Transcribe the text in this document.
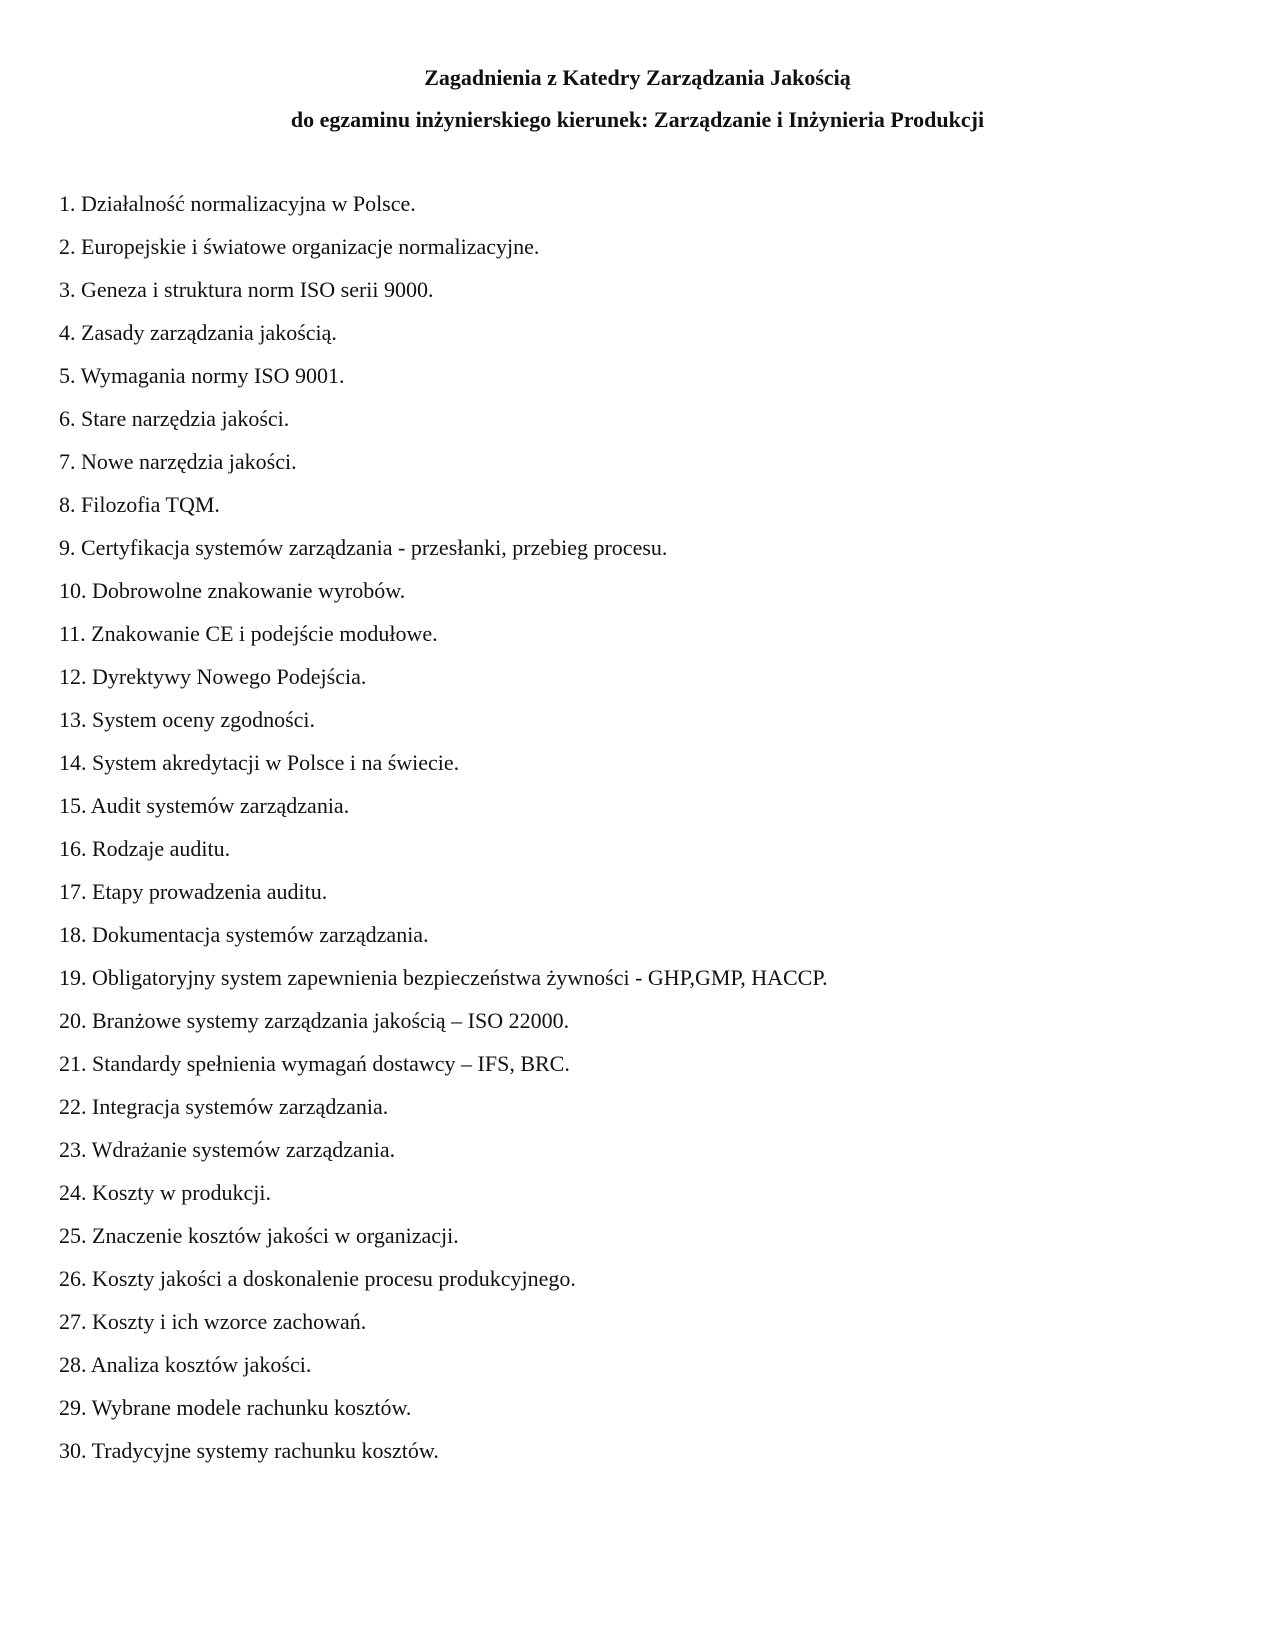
Zagadnienia z Katedry Zarządzania Jakością
do egzaminu inżynierskiego kierunek: Zarządzanie i Inżynieria Produkcji
1. Działalność normalizacyjna w Polsce.
2. Europejskie i światowe organizacje normalizacyjne.
3. Geneza i struktura norm ISO serii 9000.
4. Zasady zarządzania jakością.
5. Wymagania normy ISO 9001.
6. Stare narzędzia jakości.
7. Nowe narzędzia jakości.
8. Filozofia TQM.
9. Certyfikacja systemów zarządzania - przesłanki, przebieg procesu.
10. Dobrowolne znakowanie wyrobów.
11. Znakowanie CE i podejście modułowe.
12. Dyrektywy Nowego Podejścia.
13. System oceny zgodności.
14. System akredytacji w Polsce i na świecie.
15. Audit systemów zarządzania.
16. Rodzaje auditu.
17. Etapy prowadzenia auditu.
18. Dokumentacja systemów zarządzania.
19. Obligatoryjny system zapewnienia bezpieczeństwa żywności - GHP,GMP, HACCP.
20. Branżowe systemy zarządzania jakością – ISO 22000.
21. Standardy spełnienia wymagań dostawcy – IFS, BRC.
22. Integracja systemów zarządzania.
23. Wdrażanie systemów zarządzania.
24. Koszty w produkcji.
25. Znaczenie kosztów jakości w organizacji.
26. Koszty jakości a doskonalenie procesu produkcyjnego.
27. Koszty i ich wzorce zachowań.
28. Analiza kosztów jakości.
29. Wybrane modele rachunku kosztów.
30. Tradycyjne systemy rachunku kosztów.
